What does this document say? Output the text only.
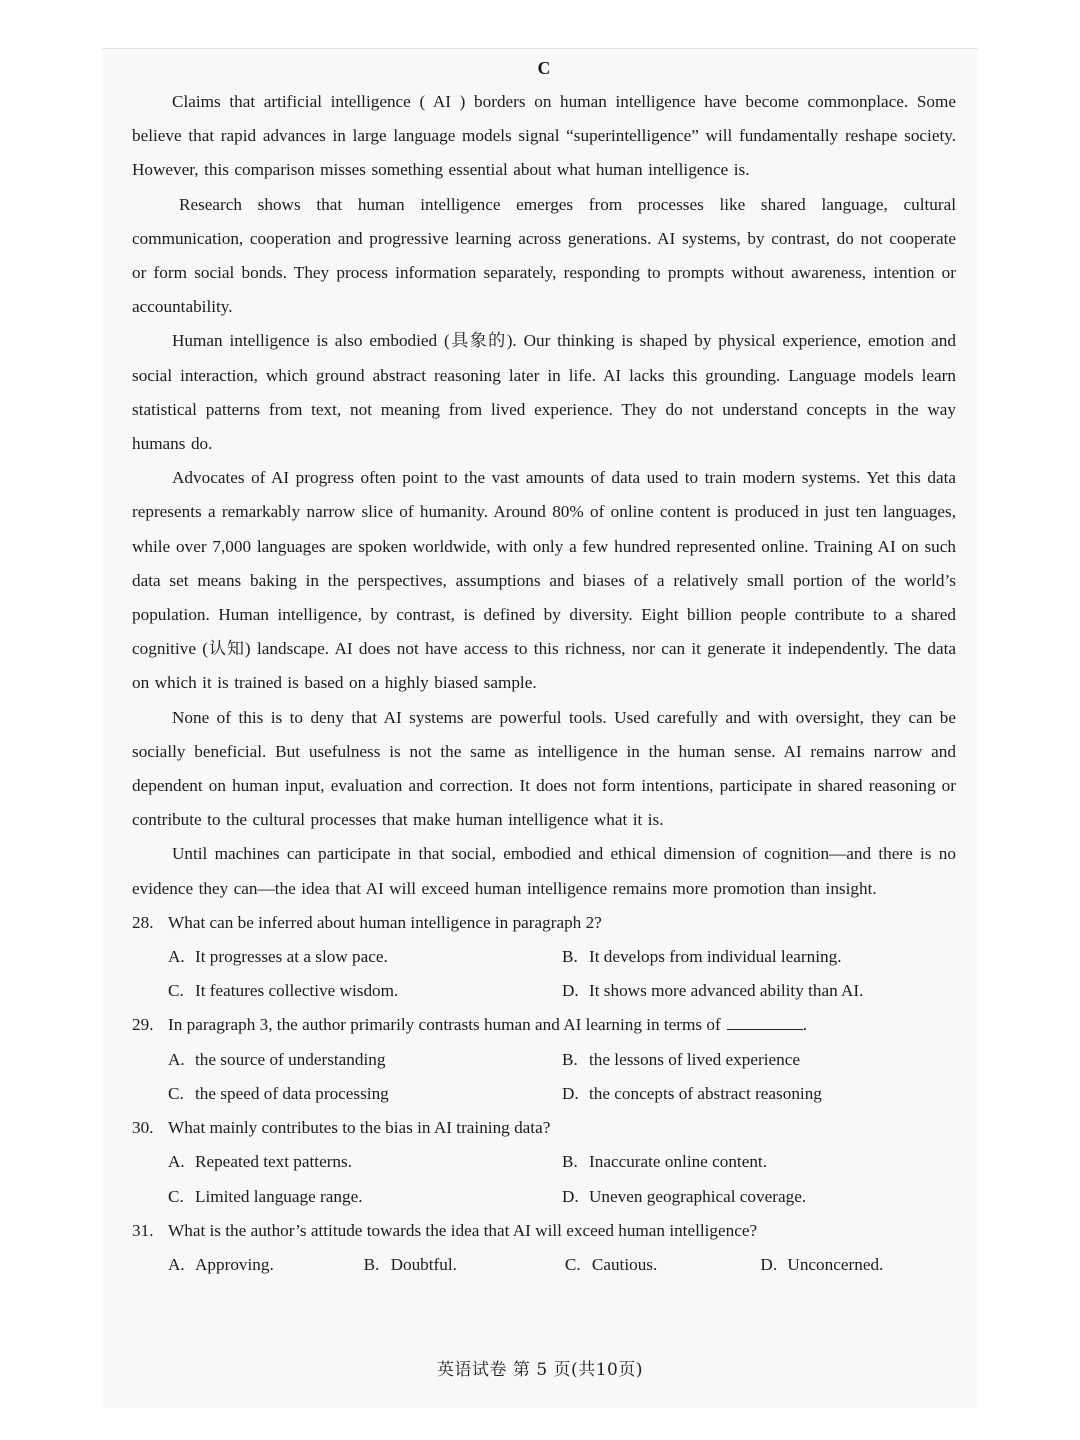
C

Claims that artificial intelligence ( AI ) borders on human intelligence have become commonplace. Some believe that rapid advances in large language models signal “superintelligence” will fundamentally reshape society. However, this comparison misses something essential about what human intelligence is.

Research shows that human intelligence emerges from processes like shared language, cultural communication, cooperation and progressive learning across generations. AI systems, by contrast, do not cooperate or form social bonds. They process information separately, responding to prompts without awareness, intention or accountability.

Human intelligence is also embodied (具象的). Our thinking is shaped by physical experience, emotion and social interaction, which ground abstract reasoning later in life. AI lacks this grounding. Language models learn statistical patterns from text, not meaning from lived experience. They do not understand concepts in the way humans do.

Advocates of AI progress often point to the vast amounts of data used to train modern systems. Yet this data represents a remarkably narrow slice of humanity. Around 80% of online content is produced in just ten languages, while over 7,000 languages are spoken worldwide, with only a few hundred represented online. Training AI on such data set means baking in the perspectives, assumptions and biases of a relatively small portion of the world’s population. Human intelligence, by contrast, is defined by diversity. Eight billion people contribute to a shared cognitive (认知) landscape. AI does not have access to this richness, nor can it generate it independently. The data on which it is trained is based on a highly biased sample.

None of this is to deny that AI systems are powerful tools. Used carefully and with oversight, they can be socially beneficial. But usefulness is not the same as intelligence in the human sense. AI remains narrow and dependent on human input, evaluation and correction. It does not form intentions, participate in shared reasoning or contribute to the cultural processes that make human intelligence what it is.

Until machines can participate in that social, embodied and ethical dimension of cognition—and there is no evidence they can—the idea that AI will exceed human intelligence remains more promotion than insight.

28. What can be inferred about human intelligence in paragraph 2?
A. It progresses at a slow pace.	B. It develops from individual learning.
C. It features collective wisdom.	D. It shows more advanced ability than AI.
29. In paragraph 3, the author primarily contrasts human and AI learning in terms of	.
A. the source of understanding	B. the lessons of lived experience
C. the speed of data processing	D. the concepts of abstract reasoning
30. What mainly contributes to the bias in AI training data?
A. Repeated text patterns.	B. Inaccurate online content.
C. Limited language range.	D. Uneven geographical coverage.
31. What is the author’s attitude towards the idea that AI will exceed human intelligence?
A. Approving.	B. Doubtful.	C. Cautious.	D. Unconcerned.
英语试卷 第 5 页(共10页)
